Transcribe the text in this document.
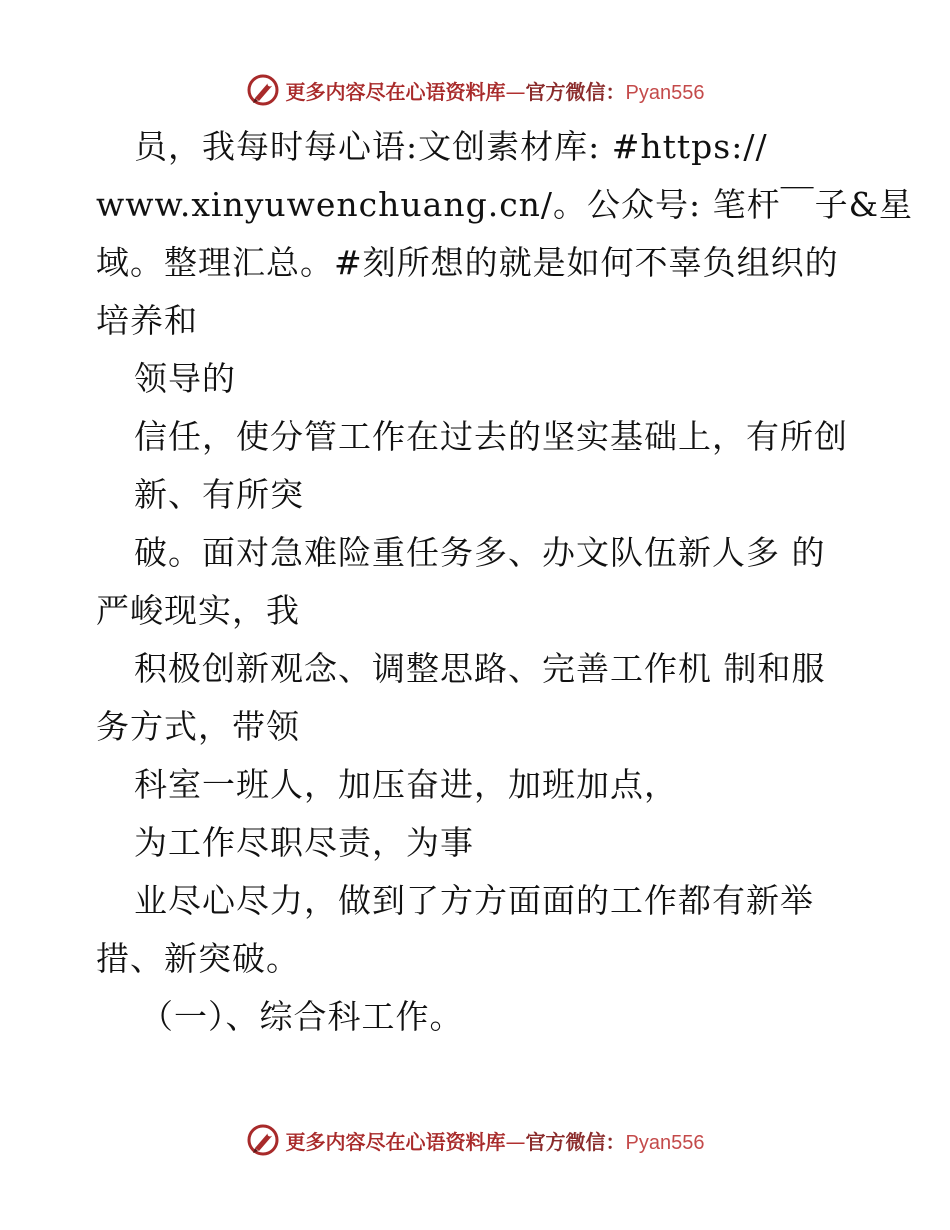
更多内容尽在心语资料库—官方微信：Pyan556
员，我每时每心语:文创素材库: #https://
www.xinyuwenchuang.cn/。公众号: 笔杆￣子&星
域。整理汇总。#刻所想的就是如何不辜负组织的
培养和
领导的
信任，使分管工作在过去的坚实基础上，有所创
新、有所突
破。面对急难险重任务多、办文队伍新人多 的
严峻现实，我
积极创新观念、调整思路、完善工作机 制和服
务方式，带领
科室一班人，加压奋进，加班加点，
为工作尽职尽责，为事
业尽心尽力，做到了方方面面的工作都有新举
措、新突破。
（一）、综合科工作。
更多内容尽在心语资料库—官方微信：Pyan556
